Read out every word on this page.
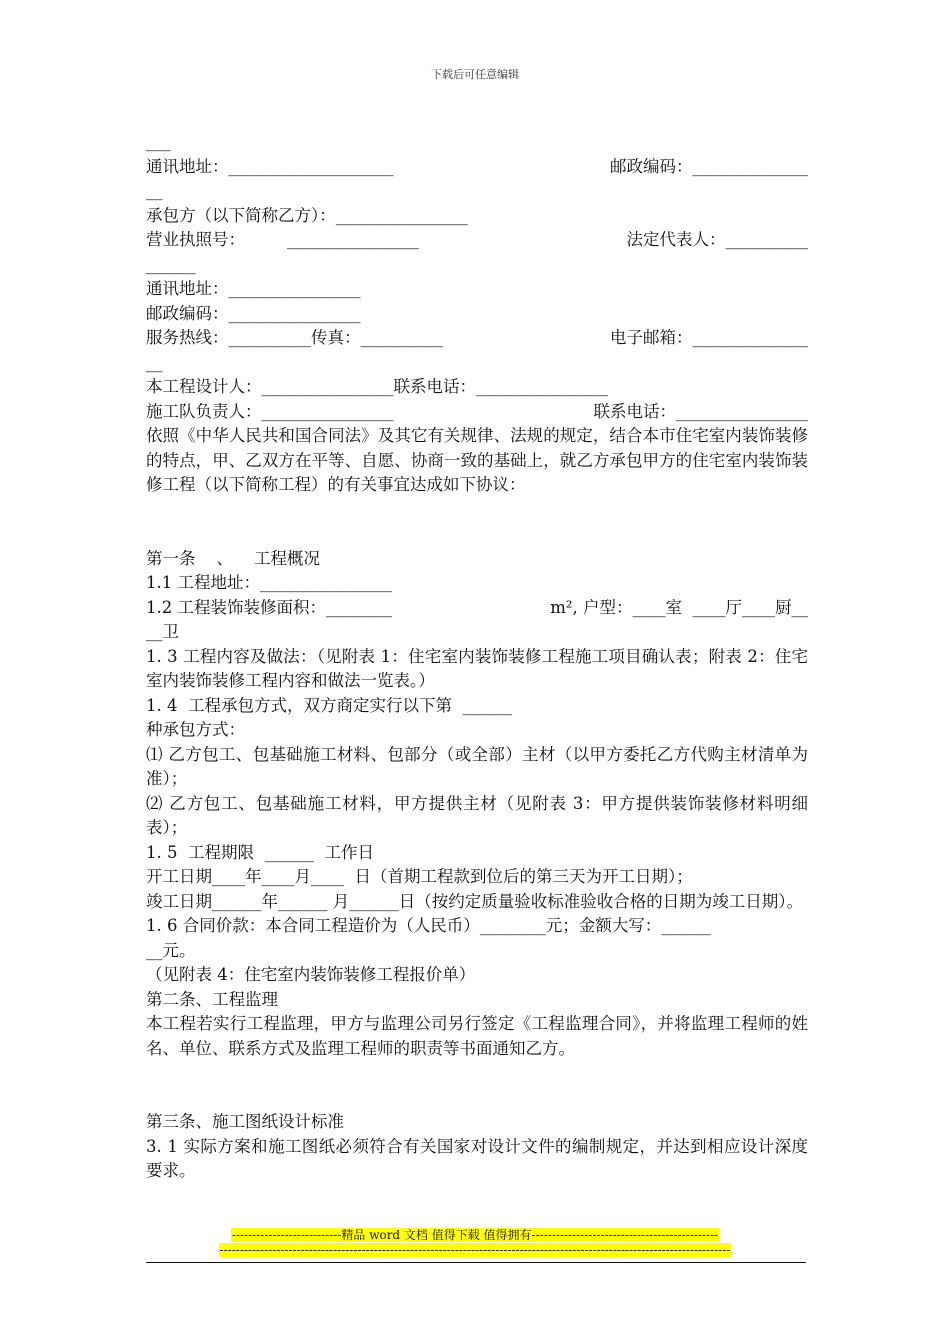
下载后可任意编辑
___
通讯地址：____________________	邮政编码：______________
__
承包方（以下简称乙方）：________________
营业执照号：        ________________	法定代表人：__________
______
通讯地址：________________
邮政编码：________________
服务热线：__________传真：__________	电子邮箱：______________
__
本工程设计人：________________联系电话：________________
施工队负责人：________________	联系电话：________________
依照《中华人民共和国合同法》及其它有关规律、法规的规定，结合本市住宅室内装饰装修的特点，甲、乙双方在平等、自愿、协商一致的基础上，就乙方承包甲方的住宅室内装饰装修工程（以下简称工程）的有关事宜达成如下协议：
第一条    、    工程概况
1.1 工程地址：________________
1.2 工程装饰装修面积：________	m², 户型：____室  ____厅____厨__
__卫
1. 3 工程内容及做法：（见附表 1：住宅室内装饰装修工程施工项目确认表；附表 2：住宅室内装饰装修工程内容和做法一览表。）
1. 4  工程承包方式，双方商定实行以下第  ______
种承包方式：
⑴ 乙方包工、包基础施工材料、包部分（或全部）主材（以甲方委托乙方代购主材清单为准）；
⑵ 乙方包工、包基础施工材料，甲方提供主材（见附表 3：甲方提供装饰装修材料明细表）；
1. 5  工程期限  ______  工作日
开工日期____年____月____  日（首期工程款到位后的第三天为开工日期）；
竣工日期______年______ 月______日（按约定质量验收标准验收合格的日期为竣工日期）。
1. 6 合同价款：本合同工程造价为（人民币）________元；金额大写：______
__元。
（见附表 4：住宅室内装饰装修工程报价单）
第二条、工程监理
本工程若实行工程监理，甲方与监理公司另行签定《工程监理合同》，并将监理工程师的姓名、单位、联系方式及监理工程师的职责等书面通知乙方。
第三条、施工图纸设计标准
3. 1 实际方案和施工图纸必须符合有关国家对设计文件的编制规定，并达到相应设计深度要求。
---------------------------精品 word 文档 值得下载 值得拥有----------------------------------------------
------------------------------------------------------------------------------------------------------------------------------
